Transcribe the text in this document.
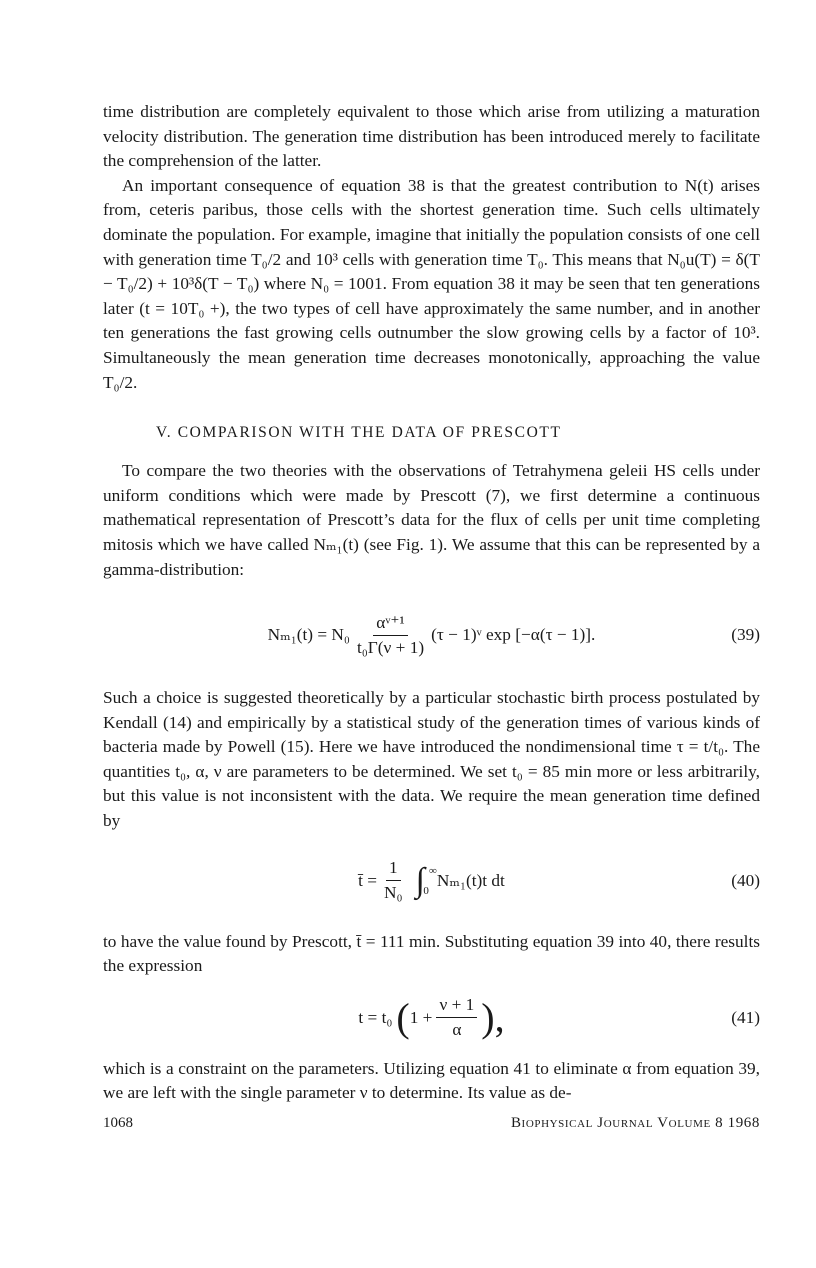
time distribution are completely equivalent to those which arise from utilizing a maturation velocity distribution. The generation time distribution has been introduced merely to facilitate the comprehension of the latter.

An important consequence of equation 38 is that the greatest contribution to N(t) arises from, ceteris paribus, those cells with the shortest generation time. Such cells ultimately dominate the population. For example, imagine that initially the population consists of one cell with generation time T₀/2 and 10³ cells with generation time T₀. This means that N₀u(T) = δ(T − T₀/2) + 10³δ(T − T₀) where N₀ = 1001. From equation 38 it may be seen that ten generations later (t = 10T₀ +), the two types of cell have approximately the same number, and in another ten generations the fast growing cells outnumber the slow growing cells by a factor of 10³. Simultaneously the mean generation time decreases monotonically, approaching the value T₀/2.

V. COMPARISON WITH THE DATA OF PRESCOTT

To compare the two theories with the observations of Tetrahymena geleii HS cells under uniform conditions which were made by Prescott (7), we first determine a continuous mathematical representation of Prescott’s data for the flux of cells per unit time completing mitosis which we have called Nₘ₁(t) (see Fig. 1). We assume that this can be represented by a gamma-distribution:

$N_{m1}(t) = N_0 \frac{\text{αᵛ⁺¹}}{\text{t₀Γ(ν + 1)}} (\tau$ − 1)ᵛ exp [−α(τ − 1)].	(39)

Such a choice is suggested theoretically by a particular stochastic birth process postulated by Kendall (14) and empirically by a statistical study of the generation times of various kinds of bacteria made by Powell (15). Here we have introduced the nondimensional time τ = t/t₀. The quantities t₀, α, ν are parameters to be determined. We set t₀ = 85 min more or less arbitrarily, but this value is not inconsistent with the data. We require the mean generation time defined by

t̄ = $\frac{1}{\text{N₀}}$ ∫ ∞
0
Nₘ₁(t)t dt	(40)

to have the value found by Prescott, t̄ = 111 min. Substituting equation 39 into 40, there results the expression

t = t₀ ( $1 + \frac{\nu + 1}{\alpha}$ ),	(41)

which is a constraint on the parameters. Utilizing equation 41 to eliminate α from equation 39, we are left with the single parameter ν to determine. Its value as de-

1068	Biophysical Journal Volume 8 1968
